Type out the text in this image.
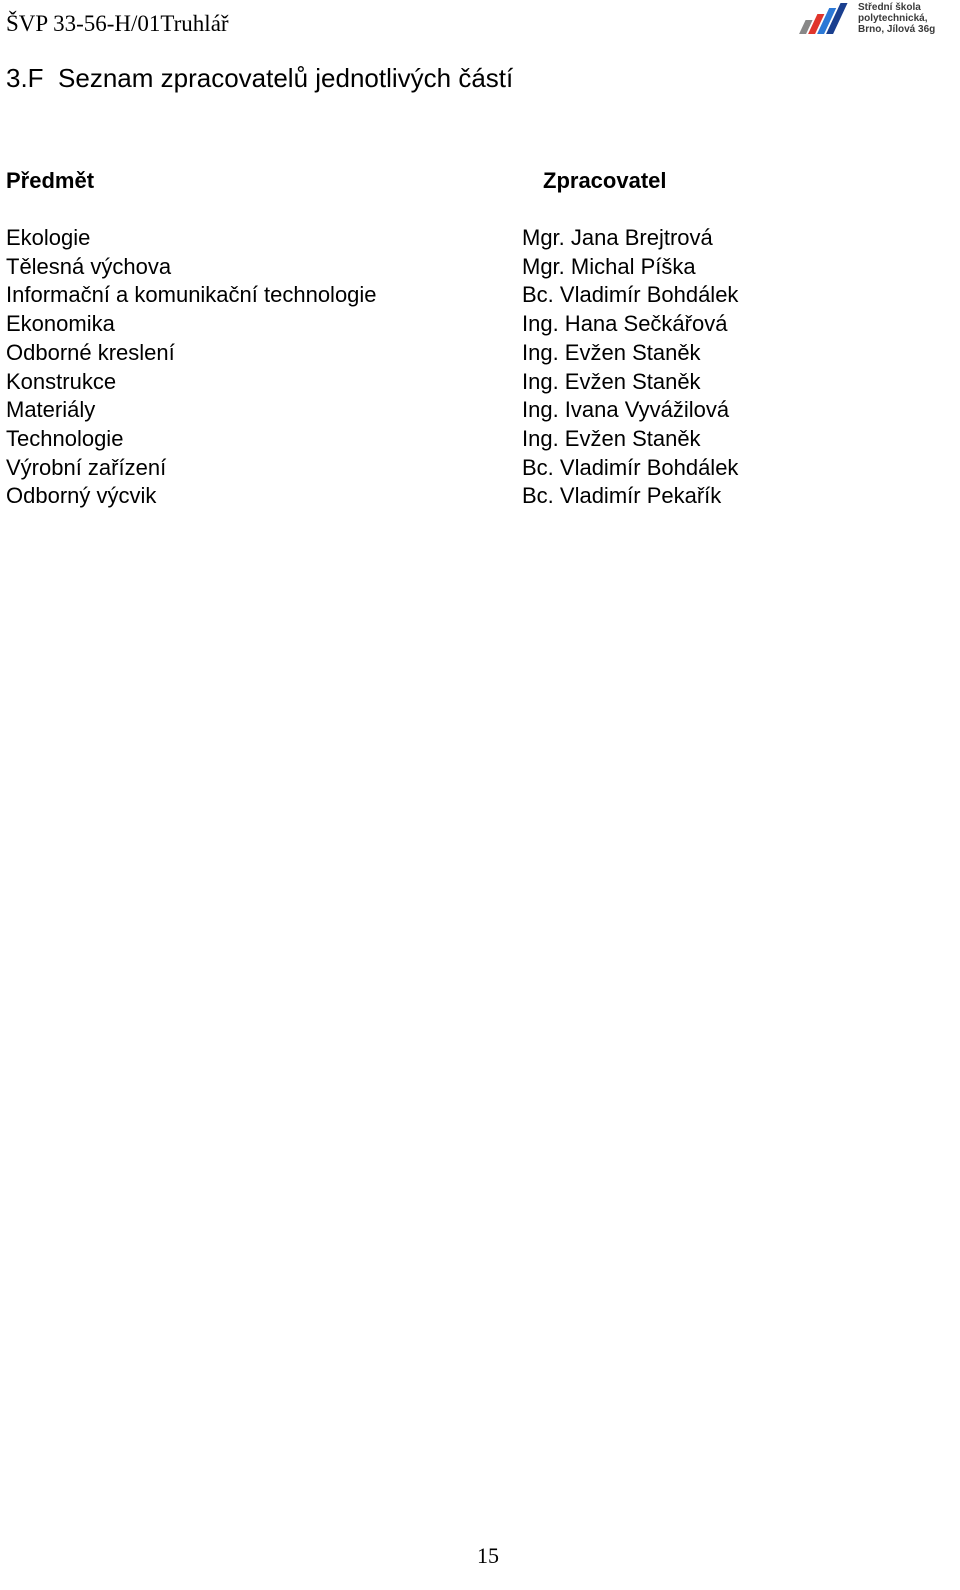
ŠVP 33-56-H/01Truhlář
Střední škola
polytechnická,
Brno, Jílová 36g
3.F  Seznam zpracovatelů jednotlivých částí
Předmět	Zpracovatel
Ekologie
Tělesná výchova
Informační a komunikační technologie
Ekonomika
Odborné kreslení
Konstrukce
Materiály
Technologie
Výrobní zařízení
Odborný výcvik
Mgr. Jana Brejtrová
Mgr. Michal Píška
Bc. Vladimír Bohdálek
Ing. Hana Sečkářová
Ing. Evžen Staněk
Ing. Evžen Staněk
Ing. Ivana Vyvážilová
Ing. Evžen Staněk
Bc. Vladimír Bohdálek
Bc. Vladimír Pekařík
15
